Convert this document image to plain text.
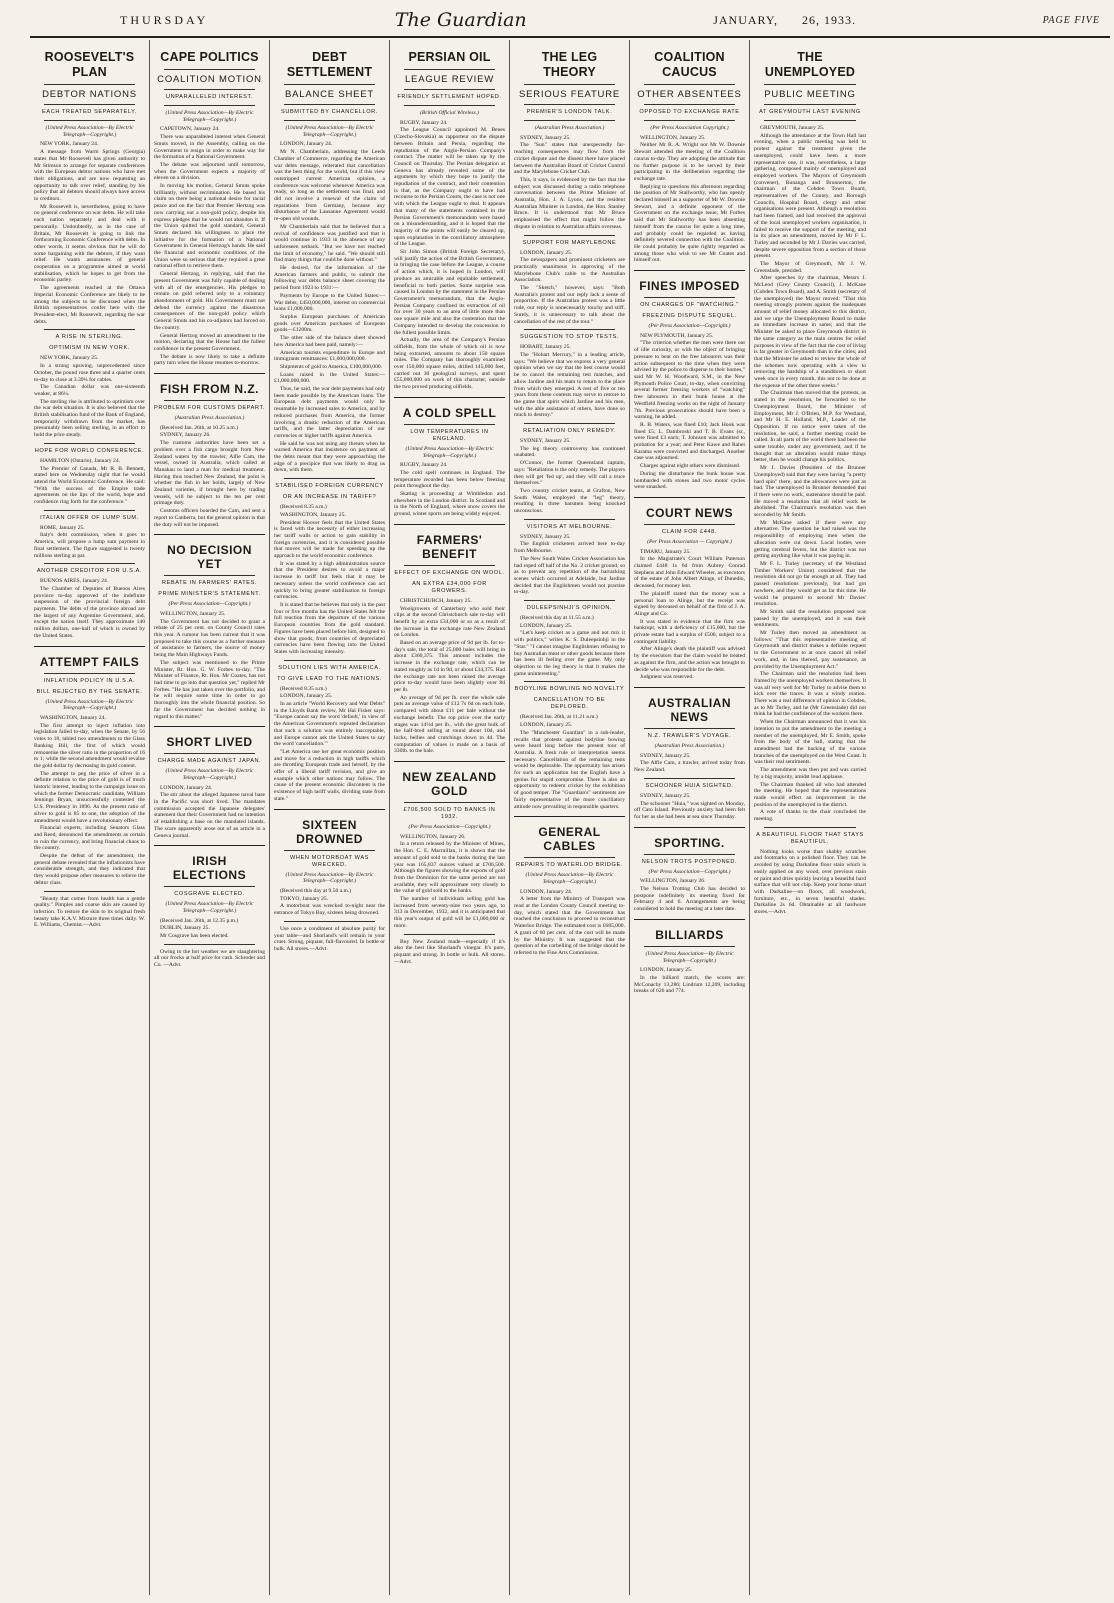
THURSDAY	The Guardian	JANUARY,      26, 1933.	PAGE FIVE
ROOSEVELT'S PLAN
DEBTOR NATIONS
EACH TREATED SEPARATELY.
(United Press Association—By Electric Telegraph—Copyright.)

NEW YORK, January 24.

A message from Warm Springs (Georgia) states that Mr Roosevelt has given authority to Mr Stimson to arrange for separate conferences with the European debtor nations who have met their obligations, and are now requesting an opportunity to talk over relief, standing by his policy that all debtors should always have access to creditors.

Mr Roosevelt is, nevertheless, going to have no general conference on war debts. He will take each nation separately and deal with it personally. Undoubtedly, as in the case of Britain, Mr Roosevelt is going to link the forthcoming Economic Conference with debts. In other words, it seems obvious that he will do some bargaining with the debtors, if they want relief. He wants assurances of general cooperation on a programme aimed at world stabilisation, which he hopes to get from the economic parley.

The agreements reached at the Ottawa Imperial Economic Conference are likely to be among the subjects to be discussed when the British representatives confer here with the President-elect, Mr Roosevelt, regarding the war debts.

A RISE IN STERLING.
OPTIMISM IN NEW YORK.

NEW YORK, January 25.

In a strong upswing, unprecedented since October, the pound rose three and a quarter cents to-day to close at 3.39¼ for cables.

The Canadian dollar was one-sixteenth weaker, at 86¼.

The sterling rise is attributed to optimism over the war debt situation. It is also believed that the British stabilisation fund of the Bank of England, temporarily withdrawn from the market, has presumably been selling sterling, in an effort to hold the price steady.

HOPE FOR WORLD CONFERENCE.

HAMILTON (Ontario), January 24.

The Premier of Canada, Mr R. B. Bennett, stated here on Wednesday night that he would attend the World Economic Conference. He said: "With the success of the Empire trade agreements on the lips of the world, hope and confidence ring forth for the conference."

ITALIAN OFFER OF LUMP SUM.

ROME, January 25.

Italy's debt commission, when it goes to America, will propose a lump sum payment in final settlement. The figure suggested is twenty millions sterling at par.

ANOTHER CREDITOR FOR U.S.A.

BUENOS AIRES, January 24.

The Chamber of Deputies of Buenos Aires province to-day approved of the indefinite suspension of the provincial foreign debt payments. The debts of the province abroad are the largest of any Argentine Government, and, except the nation itself. They approximate 140 million dollars, one-half of which is owned by the United States.

ATTEMPT FAILS
INFLATION POLICY IN U.S.A.
BILL REJECTED BY THE SENATE.
(United Press Association—By Electric Telegraph—Copyright.)

WASHINGTON, January 24.

The first attempt to inject inflation into legislation failed to-day, when the Senate, by 56 votes to 18, tabled two amendments to the Glass Banking Bill, the first of which would remonetise the silver ratio in the proportion of 16 to 1; while the second amendment would revalue the gold dollar by decreasing its gold content.

The attempt to peg the price of silver in a definite relation to the price of gold is of much historic interest, leading to the campaign issue on which the former Democratic candidate, William Jennings Bryan, unsuccessfully contested the U.S. Presidency in 1896. As the present ratio of silver to gold is 85 to one, the adoption of the amendment would have a revolutionary effect.

Financial experts, including Senators Glass and Reed, denounced the amendments as certain to ruin the currency, and bring financial chaos to the country.

Despite the defeat of the amendment, the general debate revealed that the inflationists have considerable strength, and they indicated that they would propose other measures to relieve the debtor class.

"Beauty that comes from health has a gentle quality." Pimples and coarse skin are caused by infection. To restore the skin to its original fresh beauty take K.A.V. Mixture three times daily. W. E. Williams, Chemist.—Advt.

CAPE POLITICS
COALITION MOTION
UNPARALLELED INTEREST.
(United Press Association—By Electric Telegraph—Copyright.)

CAPETOWN, January 24.

There was unparalleled interest when General Smuts moved, in the Assembly, calling on the Government to resign in order to make way for the formation of a National Government.

The debate was adjourned until tomorrow, when the Government expects a majority of eleven on a division.

In moving his motion, General Smuts spoke brilliantly, without recrimination. He based his claim on there being a national desire for racial peace and on the fact that Premier Hertzog was now carrying out a non-gold policy, despite his express pledges that he would not abandon it. If the Union quitted the gold standard, General Smuts declared his willingness to place the initiative for the formation of a National Government in General Hertzog's hands. He said the financial and economic conditions of the Union were so serious that they required a great national effort to retrieve them.

General Hertzog, in replying, said that the present Government was fully capable of dealing with all of the emergencies. His pledges to remain on gold referred only to a voluntary abandonment of gold. His Government must not defend the currency against the disastrous consequences of the non-gold policy which General Smuts and his co-adjutors had forced on the country.

General Hertzog moved an amendment to the motion, declaring that the House had the fullest confidence in the present Government.

The debate is now likely to take a definite party turn when the House resumes to-morrow.

FISH FROM N.Z.
PROBLEM FOR CUSTOMS DEPART.
(Australian Press Association.)

(Received Jan. 26th, at 10.25 a.m.)

SYDNEY, January 26.

The customs authorities have been set a problem over a fish cargo brought from New Zealand waters by the trawler, Alfie Cam, the vessel, owned in Australia, which called at Manakau to land a man for medical treatment. Having thus touched New Zealand, the point is whether the fish in her holds, largely of New Zealand varieties, if brought here by trading vessels, will be subject to the ten per cent primage duty.

Customs officers boarded the Cam, and sent a report to Canberra, but the general opinion is that the duty will not be imposed.

NO DECISION YET
REBATE IN FARMERS' RATES.
PRIME MINISTER'S STATEMENT.
(Per Press Association—Copyright.)

WELLINGTON, January 25.

The Government has not decided to grant a rebate of 25 per cent. on County Council rates this year. A rumour has been current that it was proposed to take this course as a further measure of assistance to farmers, the source of money being the Main Highways Funds.

The subject was mentioned to the Prime Minister, Rt. Hon. G. W. Forbes to-day. "The Minister of Finance, Rt. Hon. Mr Coates, has not had time to go into that question yet," replied Mr Forbes. "He has just taken over the portfolio, and he will require some time in order to go thoroughly into the whole financial position. So far the Government has decided nothing in regard to this matter."

SHORT LIVED
CHARGE MADE AGAINST JAPAN.
(United Press Association—By Electric Telegraph—Copyright.)

LONDON, January 24.

The stir about the alleged Japanese naval base in the Pacific was short lived. The mandates commission accepted the Japanese delegates' statement that their Government had no intention of establishing a base on the mandated islands. The scare apparently arose out of an article in a Geneva journal.

IRISH ELECTIONS
COSGRAVE ELECTED.
(United Press Association—By Electric Telegraph—Copyright.)

(Received Jan. 26th, at 12.35 p.m.)

DUBLIN, January 25.

Mr Cosgrave has been elected.

Owing to the hot weather we are slaughtering all our frocks at half price for cash. Schroder and Co. —Advt.

DEBT SETTLEMENT
BALANCE SHEET
SUBMITTED BY CHANCELLOR.
(United Press Association—By Electric Telegraph—Copyright.)

LONDON, January 24.

Mr N. Chamberlain, addressing the Leeds Chamber of Commerce, regarding the American war debts message, reiterated that cancellation was the best thing for the world, but if this view outstripped current American opinion, a conference was welcome whenever America was ready, so long as the settlement was final, and did not involve a renewal of the claim of reparations from Germany, because any disturbance of the Lausanne Agreement would re-open old wounds.

Mr Chamberlain said that he believed that a revival of confidence was justified and that it would continue in 1933 in the absence of any unforeseen setback. "But we have not reached the limit of economy," he said. "We should still find many things that could be done without."

He desired, for the information of the American farmers and public, to submit the following war debts balance sheet covering the period from 1923 to 1931:—

Payments by Europe to the United States:—War debts, £450,000,000, interest on commercial loans £1,000,000.

Surplus European purchases of American goods over American purchases of European goods—£1200m.

The other side of the balance sheet showed how America had been paid, namely:—

American tourists expenditure in Europe and immigrants remittances: £1,000,000,000.

Shipments of gold to America, £100,000,000.

Loans raised in the United States:—£1,000,000,000.

Thus, he said, the war debt payments had only been made possible by the American loans. The European debt payments would only be resumable by increased sales to America, and by reduced purchases from America, the former involving a drastic reduction of the American tariffs, and the latter depreciation of our currencies or higher tariffs against America.

He said he was not using any threats when he warned America that insistence on payment of the debts meant that they were approaching the edge of a precipice that was likely to drag us down, with them.

STABILISED FOREIGN CURRENCY
OR AN INCREASE IN TARIFF?

(Received 8.35 a.m.)

WASHINGTON, January 25.

President Hoover feels that the United States is faced with the necessity of either increasing her tariff walls or action to gain stability in foreign currencies, and it is considered possible that moves will be made for speeding up the approach to the world economic conference.

It was stated by a high administration source that the President desires to avoid a major increase in tariff but feels that it may be necessary unless the world conference can act quickly to bring greater stabilisation to foreign currencies.

It is stated that he believes that only in the past four or five months has the United States felt the full reaction from the departure of the various European countries from the gold standard. Figures have been placed before him, designed to show that goods, from countries of depreciated currencies have been flowing into the United States with increasing intensity.

SOLUTION LIES WITH AMERICA.
TO GIVE LEAD TO THE NATIONS.

(Received 8.35 a.m.)

LONDON, January 25.

In an article "World Recovery and War Debts" in the Lloyds Bank review, Mr Hal Fisher says: "Europe cannot say the word 'default,' in view of the American Government's repeated declaration that such a solution was entirely inacceptable, and Europe cannot ask the United States to say the word 'cancellation.'"

"Let America use her great economic position and move for a reduction in high tariffs which are throttling European trade and herself, by the offer of a liberal tariff revision, and give an example which other nations may follow. The cause of the present economic discontent is the existence of high tariff walls, dividing state from state."

SIXTEEN DROWNED
WHEN MOTORBOAT WAS WRECKED.
(United Press Association—By Electric Telegraph—Copyright.)

(Received this day at 9.50 a.m.)

TOKYO, January 25.

A motorboat was wrecked to-night near the entrance of Tokyo Bay, sixteen being drowned.

Use once a condiment of absolute purity for your table—and Shorland's will remain in your cruet. Strong, piquant, full-flavoured. In bottle or bulk. All stores.—Advt.

PERSIAN OIL
LEAGUE REVIEW
FRIENDLY SETTLEMENT HOPED.
(British Official Wireless.)

RUGBY, January 24.

The League Council appointed M. Benes (Czecho-Slovakia) as rapporteur on the dispute between Britain and Persia, regarding the repudiation of the Anglo-Persian Company's contract. The matter will be taken up by the Council on Thursday. The Persian delegation at Geneva has already revealed some of the arguments by which they hope to justify the repudiation of the contract, and their contention is that, as the Company ought to have had recourse to the Persian Courts, the case is not one with which the League ought to deal. It appears that many of the statements contained in the Persian Government's memorandum were based on a misunderstanding, and it is hoped that the majority of the points will easily be cleared up, upon explanation in the conciliatory atmosphere of the League.

Sir John Simon (British Foreign Secretary), will justify the action of the British Government, in bringing the case before the League, a course of action which, it is hoped in London, will produce an amicable and equitable settlement, beneficial to both parties. Some surprise was caused in London by the statement in the Persian Government's memorandum, that the Anglo-Persian Company confined its extraction of oil for over 30 years to an area of little more than one square mile and also the contention that the Company intended to develop the concession to the fullest possible limits.

Actually, the area of the Company's Persian oilfields, from the whole of which oil is now being extracted, amounts to about 150 square miles. The Company has thoroughly examined over 150,000 square miles, drilled 145,000 feet, carried out 30 geological surveys, and spent £55,000,000 on work of this character, outside the two proved producing oilfields.

A COLD SPELL
LOW TEMPERATURES IN ENGLAND.
(United Press Association—By Electric Telegraph—Copyright.)

RUGBY, January 24.

The cold spell continues in England. The temperature recorded has been below freezing point throughout the day.

Skating is proceeding at Wimbledon and elsewhere in the London district. In Scotland and in the North of England, where snow covers the ground, winter sports are being widely enjoyed.

FARMERS' BENEFIT
EFFECT OF EXCHANGE ON WOOL.
AN EXTRA £34,000 FOR GROWERS.

CHRISTCHURCH, January 25.

Woolgrowers of Canterbury who sold their clips at the second Christchurch sale to-day will benefit by an extra £34,000 or so as a result of the increase in the exchange rate New Zealand on London.

Based on an average price of 9d per lb. for to-day's sale, the total of 25,000 bales will bring in about £360,375. This amount includes the increase in the exchange rate, which can be stated roughly as 1d in 9d, or about £34,375. Had the exchange rate not been raised the average price to-day would have been slightly over 8d per lb.

An average of 9d per lb. over the whole sale puts an average value of £12 7s 6d on each bale, compared with about £11 per bale without the exchange benefit. The top price over the early stages was 14½d per lb., with the great bulk of the half-bred selling at round about 10d, and locks, bellies and crutchings down to 4d. The computation of values is made on a basis of 330lb. to the bale.

NEW ZEALAND GOLD
£706,500 SOLD TO BANKS IN 1932.
(Per Press Association—Copyright.)

WELLINGTON, January 26.

In a return released by the Minister of Mines, the Hon. C. E. Macmillan, it is shown that the amount of gold sold to the banks during the last year was 165,837 ounces valued at £706,500. Although the figures showing the exports of gold from the Dominion for the same period are not available, they will approximate very closely to the value of gold sold to the banks.

The number of individuals selling gold has increased from seventy-nine two years ago, to 313 in December, 1932, and it is anticipated that this year's output of gold will be £1,000,000 or more.

Buy New Zealand made—especially if it's also the best like Shorland's vinegar. It's pure, piquant and strong. In bottle or bulk. All stores. —Advt.

THE LEG THEORY
SERIOUS FEATURE
PREMIER'S LONDON TALK.
(Australian Press Association.)

SYDNEY, January 25.

The "Sun" states that unexpectedly far-reaching consequences may flow from the cricket dispute and the dissent there have placed between the Australian Board of Cricket Control and the Marylebone Cricket Club.

This, it says, is evidenced by the fact that the subject was discussed during a radio telephone conversation between the Prime Minister of Australia, Hon. J. A. Lyons, and the resident Australian Minister in London, the Hon. Stanley Bruce. It is understood that Mr Bruce emphasised the effect that might follow the dispute in relation to Australian affairs overseas.

SUPPORT FOR MARYLEBONE

LONDON, January 25.

The newspapers and prominent cricketers are practically unanimous in approving of the Marylebone Club's cable to the Australian Association.

The "Sketch," however, says: "Both Australia's protest and our reply lack a sense of proportion. If the Australian protest was a little rude, our reply is unnecessarily touchy and stiff. Surely, it is unnecessary to talk about the cancellation of the rest of the tour."

SUGGESTION TO STOP TESTS.

HOBART, January 25.

The "Hobart Mercury," in a leading article, says: "We believe that we express a very general opinion when we say that the best course would be to cancel the remaining test matches, and allow Jardine and his team to return to the place from which they emerged. A rest of five or ten years from these contests may serve to restore to the game that spirit which Jardine and his men, with the able assistance of others, have done so much to destroy."

RETALIATION ONLY REMEDY.

SYDNEY, January 25.

The leg theory controversy has continued unabated.

O'Connor, the former Queensland captain, says: "Retaliation is the only remedy. The players then will get 'fed up', and they will call a truce themselves."

Two country cricket teams, at Grafton, New South Wales, employed the "leg" theory, resulting in three batsmen being knocked unconscious.

VISITORS AT MELBOURNE.

SYDNEY, January 25.

The English cricketers arrived here to-day from Melbourne.

The New South Wales Cricket Association has had roped off half of the No. 2 cricket ground, so as to prevent any repetition of the barracking scenes which occurred at Adelaide, but Jardine decided that the Englishmen would not practise to-day.

DULEEPSINHJI'S OPINION.

(Received this day at 11.55 a.m.)

LONDON, January 25.

"Let's keep cricket as a game and not mix it with politics," writes K. S. Duleepsinhji in the "Star." "I cannot imagine Englishmen refusing to buy Australian meat or other goods because there has been ill feeling over the game. My only objection to the leg theory is that it makes the game uninteresting."

BODYLINE BOWLING NO NOVELTY
CANCELLATION TO BE DEPLORED.

(Received Jan. 26th, at 11.21 a.m.)

LONDON, January 25.

The "Manchester Guardian" in a sub-leader, recalls that protests against bodyline bowing were heard long before the present tour of Australia. A fresh rule or interpretation seems necessary. Cancellation of the remaining tests would be deplorable. The opportunity has arisen for such an application but the English have a genius for stupid compromise. There is also an opportunity to redeem cricket by the exhibition of good temper. The "Guardian's" sentiments are fairly representative of the more conciliatory attitude now prevailing in responsible quarters.

GENERAL CABLES
REPAIRS TO WATERLOO BRIDGE.
(United Press Association—By Electric Telegraph—Copyright.)

LONDON, January 24.

A letter from the Ministry of Transport was read at the London County Council meeting to-day, which stated that the Government has reached the conclusion to proceed to reconstruct Waterloo Bridge. The estimated cost is £685,000. A grant of 60 per cent. of the cost will be made by the Ministry. It was suggested that the question of the corbelling of the bridge should be referred to the Fine Arts Commission.

COALITION CAUCUS
OTHER ABSENTEES
OPPOSED TO EXCHANGE RATE
(Per Press Association Copyright.)

WELLINGTON, January 25.

Neither Mr R. A. Wright nor Mr W. Downie Stewart attended the meeting of the Coalition caucus to-day. They are adopting the attitude that no further purpose is to be served by their participating in the deliberation regarding the exchange rate.

Replying to questions this afternoon regarding the position of Mr Stallworthy, who has openly declared himself as a supporter of Mr W. Downie Stewart, and a definite opponent of the Government on the exchange issue, Mr Forbes said that Mr Stallworthy has been absenting himself from the caucus for quite a long time, and probably could be regarded as having definitely severed connection with the Coalition. He could probably be quite rightly regarded as among those who wish to see Mr Coates and himself out.

FINES IMPOSED
ON CHARGES OF "WATCHING."
FREEZING DISPUTE SEQUEL.
(Per Press Association—Copyright.)

NEW PLYMOUTH, January 25.

"The criterion whether the men were there out of idle curiosity, or with the object of bringing pressure to bear on the free labourers was their action subsequent to the time when they were advised by the police to disperse to their homes," said Mr W. H. Woodward, S.M., in the New Plymouth Police Court, to-day, when convicting several former freezing workers of "watching" free labourers in their bunk house at the Westfield freezing works on the night of January 7th. Previous prosecutions should have been a warning, he added.

R. B. Waters, was fined £10; Jack Hook was fined £5; L. Dambroski and T. B. Evans (sr., were fined £3 each; T. Johnson was admitted to probation for a year; and Peter Kawe and Rahei Karama were convicted and discharged. Another case was adjourned.

Charges against eight others were dismissed.

During the disturbance the bunk house was bombarded with stones and two motor cycles were smashed.

COURT NEWS
CLAIM FOR £448.
(Per Press Association — Copyright.)

TIMARU, January 25.

In the Magistrate's Court William Paterson claimed £448 1s 6d from Aubrey Conrad Stephens and John Edward Wheeler, as executors of the estate of John Albert Alinge, of Dunedin, deceased, for money lent.

The plaintiff stated that the money was a personal loan to Alinge, but the receipt was signed by deceased on behalf of the firm of J. A. Alinge and Co.

It was stated in evidence that the firm was bankrupt, with a deficiency of £15,000, but the private estate had a surplus of £500, subject to a contingent liability.

After Alinge's death the plaintiff was advised by the executors that the claim would be treated as against the firm, and the action was brought to decide who was responsible for the debt.

Judgment was reserved.

AUSTRALIAN NEWS
N.Z. TRAWLER'S VOYAGE.
(Australian Press Association.)

SYDNEY, January 25.

The Alfie Cam, a trawler, arrived today from New Zealand.

SCHOONER HUIA SIGHTED.

SYDNEY, January 25.

The schooner "Huia," was sighted on Monday, off Cato Island. Previously anxiety had been felt for her as she had been at sea since Thursday.

SPORTING.
NELSON TROTS POSTPONED.
(Per Press Association—Copyright.)

WELLINGTON, January 26.

The Nelson Trotting Club has decided to postpone indefinitely its meeting fixed for February 4 and 6. Arrangements are being considered to hold the meeting at a later date.

BILLIARDS
(United Press Association—By Electric Telegraph—Copyright.)

LONDON, January 25.

In the billiard match, the scores are: McConachy 13,286; Lindrum 12,209, including breaks of 626 and 774.

THE UNEMPLOYED
PUBLIC MEETING
AT GREYMOUTH LAST EVENING

GREYMOUTH, January 25.

Although the attendance at the Town Hall last evening, when a public meeting was held to protest against the treatment given the unemployed, could have been a more representative one, it was, nevertheless, a large gathering, composed mainly of unemployed and employed workers. The Mayors of Greymouth (convener), Runanga and Brunnerton, the chairman of the Cobden Town Board, representatives of the County, and Borough Councils, Hospital Board, clergy and other organisations were present. Although a resolution had been framed, and had received the approval of the local unemployed workers organisation, it failed to receive the support of the meeting, and in its place an amendment, moved by Mr F. L. Turley and seconded by Mr J. Davies was carried, despite severe opposition from a section of those present.

The Mayor of Greymouth, Mr J. W. Greenslade, presided.

After speeches by the chairman, Messrs J. McLeod (Grey County Council), J. McKane (Cobden Town Board), and A. Smith (secretary of the unemployed) the Mayor moved: "That this meeting strongly protests against the inadequate amount of relief money allocated to this district, and we urge the Unemployment Board to make an immediate increase in same; and that the Minister be asked to place Greymouth district in the same category as the main centres for relief purposes in view of the fact that the cost of living is far greater in Greymouth than in the cities; and that the Minister be asked to review the whole of the schemes now operating with a view to removing the hardship of a standdown or short week once in every month, this not to be done at the expense of the other three weeks."

The Chairman then moved that the protests, as stated in the resolution, be forwarded to the Unemployment Board, the Minister of Employment, Mr J. O'Brien, M.P. for Westland, and Mr H. E. Holland, M.P., Leader of the Opposition. If no notice were taken of the resolution, he said, a further meeting could be called. In all parts of the world there had been the same trouble, under any government, and if he thought that an alteration would make things better, then he would change his politics.

Mr J. Davies (President of the Brunner Unemployed) said that they were having "a pretty hard spin" there, and the allowances were just as bad. The unemployed in Brunner demanded that if there were no work, sustenance should be paid. He moved a resolution that all relief work be abolished. The Chairman's resolution was then seconded by Mr Smith.

Mr McKane asked if there were any alternative. The question he had raised was the responsibility of employing men when the allocation were cut down. Local bodies were getting cerebral fevers, but the district was not getting anything like what it was paying in.

Mr F. L. Turley (secretary of the Westland Timber Workers' Union) considered that the resolution did not go far enough at all. They had passed resolutions previously, but had got nowhere, and they would get as far this time. He would be prepared to second Mr Davies' resolution.

Mr Smith said the resolution proposed was passed by the unemployed, and it was their sentiments.

Mr Turley then moved an amendment as follows: "That this representative meeting of Greymouth and district makes a definite request to the Government to at once cancel all relief work, and, in lieu thereof, pay sustenance, as provided by the Unemployment Act."

The Chairman said the resolution had been framed by the unemployed workers themselves. It was all very well for Mr Turley to advise them to kick over the traces. It was a windy oration. There was a real difference of opinion in Cobden, as to Mr Turley, and he (Mr Greenslade) did not think he had the confidence of the workers there.

When the Chairman announced that it was his intention to put the amendment to the meeting a member of the unemployed, Mr E. Smith, spoke from the body of the hall, stating that the amendment had the backing of the various branches of the unemployed on the West Coast. It was their real sentiments.

The amendment was then put and was carried by a big majority, amidst loud applause.

The Chairman thanked all who had attended the meeting. He hoped that the representations made would effect an improvement in the position of the unemployed in the district.

A vote of thanks to the chair concluded the meeting.

A BEAUTIFUL FLOOR THAT STAYS BEAUTIFUL.

Nothing looks worse than shabby scratches and footmarks on a polished floor. They can be avoided by using Darkaline floor stain which is easily applied on any wood, over previous stain or paint and dries quickly leaving a beautiful hard surface that will not chip. Keep your home smart with Darkaline—on floors, all woodwork, furniture, etc., in seven beautiful shades. Darkaline 2s 6d. Obtainable at all hardware stores.—Advt.
